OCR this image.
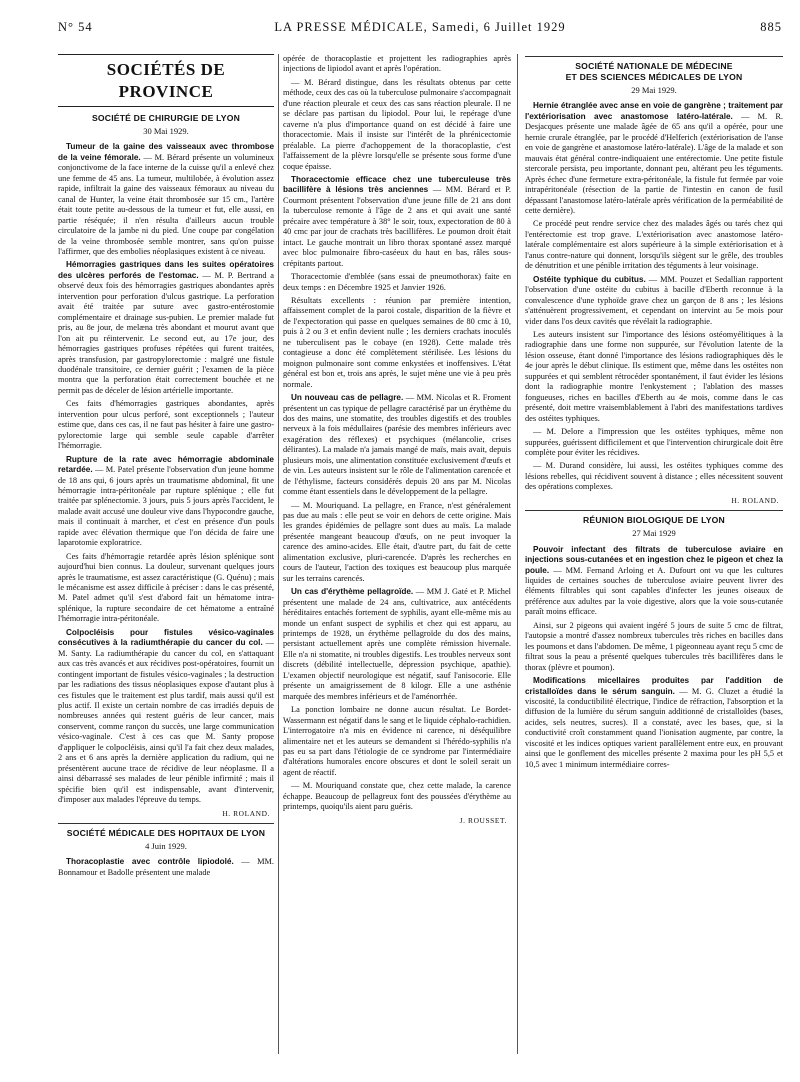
N° 54	LA PRESSE MÉDICALE, Samedi, 6 Juillet 1929	885
SOCIÉTÉS DE PROVINCE
SOCIÉTÉ DE CHIRURGIE DE LYON
30 Mai 1929.

Tumeur de la gaine des vaisseaux avec thrombose de la veine fémorale. — M. Bérard présente un volumineux conjonctivome de la face interne de la cuisse qu'il a enlevé chez une femme de 45 ans. La tumeur, multilobée, à évolution assez rapide, infiltrait la gaine des vaisseaux fémoraux au niveau du canal de Hunter, la veine était thrombosée sur 15 cm., l'artère était toute petite au-dessous de la tumeur et fut, elle aussi, en partie réséquée; il n'en résulta d'ailleurs aucun trouble circulatoire de la jambe ni du pied. Une coupe par congélation de la veine thrombosée semble montrer, sans qu'on puisse l'affirmer, que des embolies néoplasiques existent à ce niveau.

Hémorragies gastriques dans les suites opératoires des ulcères perforés de l'estomac. — M. P. Bertrand a observé deux fois des hémorragies gastriques abondantes après intervention pour perforation d'ulcus gastrique. La perforation avait été traitée par suture avec gastro-entérostomie complémentaire et drainage sus-pubien. Le premier malade fut pris, au 8e jour, de melæna très abondant et mourut avant que l'on ait pu réintervenir. Le second eut, au 17e jour, des hémorragies gastriques profuses répétées qui furent traitées, après transfusion, par gastropylorectomie : malgré une fistule duodénale transitoire, ce dernier guérit ; l'examen de la pièce montra que la perforation était correctement bouchée et ne permit pas de déceler de lésion artérielle importante.

Ces faits d'hémorragies gastriques abondantes, après intervention pour ulcus perforé, sont exceptionnels ; l'auteur estime que, dans ces cas, il ne faut pas hésiter à faire une gastro-pylorectomie large qui semble seule capable d'arrêter l'hémorragie.

Rupture de la rate avec hémorragie abdominale retardée. — M. Patel présente l'observation d'un jeune homme de 18 ans qui, 6 jours après un traumatisme abdominal, fit une hémorragie intra-péritonéale par rupture splénique ; elle fut traitée par splénectomie. 3 jours, puis 5 jours après l'accident, le malade avait accusé une douleur vive dans l'hypocondre gauche, mais il continuait à marcher, et c'est en présence d'un pouls rapide avec élévation thermique que l'on décida de faire une laparotomie exploratrice.

Ces faits d'hémorragie retardée après lésion splénique sont aujourd'hui bien connus. La douleur, survenant quelques jours après le traumatisme, est assez caractéristique (G. Quénu) ; mais le mécanisme est assez difficile à préciser : dans le cas présenté, M. Patel admet qu'il s'est d'abord fait un hématome intra-splénique, la rupture secondaire de cet hématome a entraîné l'hémorragie intra-péritonéale.

Colpocléisis pour fistules vésico-vaginales consécutives à la radiumthérapie du cancer du col. — M. Santy. La radiumthérapie du cancer du col, en s'attaquant aux cas très avancés et aux récidives post-opératoires, fournit un contingent important de fistules vésico-vaginales ; la destruction par les radiations des tissus néoplasiques expose d'autant plus à ces fistules que le traitement est plus tardif, mais aussi qu'il est plus actif. Il existe un certain nombre de cas irradiés depuis de nombreuses années qui restent guéris de leur cancer, mais conservent, comme rançon du succès, une large communication vésico-vaginale. C'est à ces cas que M. Santy propose d'appliquer le colpocléisis, ainsi qu'il l'a fait chez deux malades, 2 ans et 6 ans après la dernière application du radium, qui ne présentèrent aucune trace de récidive de leur néoplasme. Il a ainsi débarrassé ses malades de leur pénible infirmité ; mais il spécifie bien qu'il est indispensable, avant d'intervenir, d'imposer aux malades l'épreuve du temps.

H. ROLAND.
SOCIÉTÉ MÉDICALE DES HOPITAUX DE LYON
4 Juin 1929.

Thoracoplastie avec contrôle lipiodolé. — MM. Bonnamour et Badolle présentent une malade

opérée de thoracoplastie et projettent les radiographies après injections de lipiodol avant et après l'opération.

— M. Bérard distingue, dans les résultats obtenus par cette méthode, ceux des cas où la tuberculose pulmonaire s'accompagnait d'une réaction pleurale et ceux des cas sans réaction pleurale. Il ne se déclare pas partisan du lipiodol. Pour lui, le repérage d'une caverne n'a plus d'importance quand on est décidé à faire une thoracectomie. Mais il insiste sur l'intérêt de la phrénicectomie préalable. La pierre d'achoppement de la thoracoplastie, c'est l'affaissement de la plèvre lorsqu'elle se présente sous forme d'une coque épaisse.

Thoracectomie efficace chez une tuberculeuse très bacillifère à lésions très anciennes — MM. Bérard et P. Courmont présentent l'observation d'une jeune fille de 21 ans dont la tuberculose remonte à l'âge de 2 ans et qui avait une santé précaire avec température à 38° le soir, toux, expectoration de 80 à 40 cmc par jour de crachats très bacillifères. Le poumon droit était intact. Le gauche montrait un libro thorax spontané assez marqué avec bloc pulmonaire fibro-caséeux du haut en bas, râles sous-crépitants partout.

Thoracectomie d'emblée (sans essai de pneumothorax) faite en deux temps : en Décembre 1925 et Janvier 1926.

Résultats excellents : réunion par première intention, affaissement complet de la paroi costale, disparition de la fièvre et de l'expectoration qui passe en quelques semaines de 80 cmc à 10, puis à 2 ou 3 et enfin devient nulle ; les derniers crachats inoculés ne tuberculisent pas le cobaye (en 1928). Cette malade très contagieuse a donc été complètement stérilisée. Les lésions du moignon pulmonaire sont comme enkystées et inoffensives. L'état général est bon et, trois ans après, le sujet mène une vie à peu près normale.

Un nouveau cas de pellagre. — MM. Nicolas et R. Froment présentent un cas typique de pellagre caractérisé par un érythème du dos des mains, une stomatite, des troubles digestifs et des troubles nerveux à la fois médullaires (parésie des membres inférieurs avec exagération des réflexes) et psychiques (mélancolie, crises délirantes). La malade n'a jamais mangé de maïs, mais avait, depuis plusieurs mois, une alimentation constituée exclusivement d'œufs et de vin. Les auteurs insistent sur le rôle de l'alimentation carencée et de l'éthylisme, facteurs considérés depuis 20 ans par M. Nicolas comme étant essentiels dans le développement de la pellagre.

— M. Mouriquand. La pellagre, en France, n'est généralement pas due au maïs : elle peut se voir en dehors de cette origine. Mais les grandes épidémies de pellagre sont dues au maïs. La malade présentée mangeant beaucoup d'œufs, on ne peut invoquer la carence des amino-acides. Elle était, d'autre part, du fait de cette alimentation exclusive, pluri-carencée. D'après les recherches en cours de l'auteur, l'action des toxiques est beaucoup plus marquée sur les terrains carencés.

Un cas d'érythème pellagroïde. — MM J. Gaté et P. Michel présentent une malade de 24 ans, cultivatrice, aux antécédents héréditaires entachés fortement de syphilis, ayant elle-même mis au monde un enfant suspect de syphilis et chez qui est apparu, au printemps de 1928, un érythème pellagroïde du dos des mains, persistant actuellement après une complète rémission hivernale. Elle n'a ni stomatite, ni troubles digestifs. Les troubles nerveux sont discrets (débilité intellectuelle, dépression psychique, apathie). L'examen objectif neurologique est négatif, sauf l'anisocorie. Elle présente un amaigrissement de 8 kilogr. Elle a une asthénie marquée des membres inférieurs et de l'aménorrhée.

La ponction lombaire ne donne aucun résultat. Le Bordet-Wassermann est négatif dans le sang et le liquide céphalo-rachidien. L'interrogatoire n'a mis en évidence ni carence, ni déséquilibre alimentaire net et les auteurs se demandent si l'hérédo-syphilis n'a pas eu sa part dans l'étiologie de ce syndrome par l'intermédiaire d'altérations humorales encore obscures et dont le soleil serait un agent de réactif.

— M. Mouriquand constate que, chez cette malade, la carence échappe. Beaucoup de pellagreux font des poussées d'érythème au printemps, quoiqu'ils aient paru guéris.

J. ROUSSET.
SOCIÉTÉ NATIONALE DE MÉDECINE
ET DES SCIENCES MÉDICALES DE LYON
29 Mai 1929.

Hernie étranglée avec anse en voie de gangrène ; traitement par l'extériorisation avec anastomose latéro-latérale. — M. R. Desjacques présente une malade âgée de 65 ans qu'il a opérée, pour une hernie crurale étranglée, par le procédé d'Helferich (extériorisation de l'anse en voie de gangrène et anastomose latéro-latérale). L'âge de la malade et son mauvais état général contre-indiquaient une entérectomie. Une petite fistule stercorale persista, peu importante, donnant peu, altérant peu les téguments. Après échec d'une fermeture extra-péritonéale, la fistule fut fermée par voie intrapéritonéale (résection de la partie de l'intestin en canon de fusil dépassant l'anastomose latéro-latérale après vérification de la perméabilité de cette dernière).

Ce procédé peut rendre service chez des malades âgés ou tarés chez qui l'entérectomie est trop grave. L'extériorisation avec anastomose latéro-latérale complémentaire est alors supérieure à la simple extériorisation et à l'anus contre-nature qui donnent, lorsqu'ils siègent sur le grêle, des troubles de dénutrition et une pénible irritation des téguments à leur voisinage.

Ostéite typhique du cubitus. — MM. Pouzet et Sedallian rapportent l'observation d'une ostéite du cubitus à bacille d'Eberth reconnue à la convalescence d'une typhoïde grave chez un garçon de 8 ans ; les lésions s'atténuèrent progressivement, et cependant on intervint au 5e mois pour vider dans l'os deux cavités que révélait la radiographie.

Les auteurs insistent sur l'importance des lésions ostéomyélitiques à la radiographie dans une forme non suppurée, sur l'évolution latente de la lésion osseuse, étant donné l'importance des lésions radiographiques dès le 4e jour après le début clinique. Ils estiment que, même dans les ostéites non suppurées et qui semblent rétrocéder spontanément, il faut évider les lésions dont la radiographie montre l'enkystement ; l'ablation des masses fongueuses, riches en bacilles d'Eberth au 4e mois, comme dans le cas présenté, doit mettre vraisemblablement à l'abri des manifestations tardives des ostéites typhiques.

— M. Delore a l'impression que les ostéites typhiques, même non suppurées, guérissent difficilement et que l'intervention chirurgicale doit être complète pour éviter les récidives.

— M. Durand considère, lui aussi, les ostéites typhiques comme des lésions rebelles, qui récidivent souvent à distance ; elles nécessitent souvent des opérations complexes.

H. ROLAND.
RÉUNION BIOLOGIQUE DE LYON
27 Mai 1929

Pouvoir infectant des filtrats de tuberculose aviaire en injections sous-cutanées et en ingestion chez le pigeon et chez la poule. — MM. Fernand Arloing et A. Dufourt ont vu que les cultures liquides de certaines souches de tuberculose aviaire peuvent livrer des éléments filtrables qui sont capables d'infecter les jeunes oiseaux de préférence aux adultes par la voie digestive, alors que la voie sous-cutanée paraît moins efficace.

Ainsi, sur 2 pigeons qui avaient ingéré 5 jours de suite 5 cmc de filtrat, l'autopsie a montré d'assez nombreux tubercules très riches en bacilles dans les poumons et dans l'abdomen. De même, 1 pigeonneau ayant reçu 5 cmc de filtrat sous la peau a présenté quelques tubercules très bacillifères dans le thorax (plèvre et poumon).

Modifications micellaires produites par l'addition de cristalloïdes dans le sérum sanguin. — M. G. Cluzet a étudié la viscosité, la conductibilité électrique, l'indice de réfraction, l'absorption et la diffusion de la lumière du sérum sanguin additionné de cristalloïdes (bases, acides, sels neutres, sucres). Il a constaté, avec les bases, que, si la conductivité croît constamment quand l'ionisation augmente, par contre, la viscosité et les indices optiques varient parallèlement entre eux, en prouvant ainsi que le gonflement des micelles présente 2 maxima pour les pH 5,5 et 10,5 avec 1 minimum intermédiaire corres-
